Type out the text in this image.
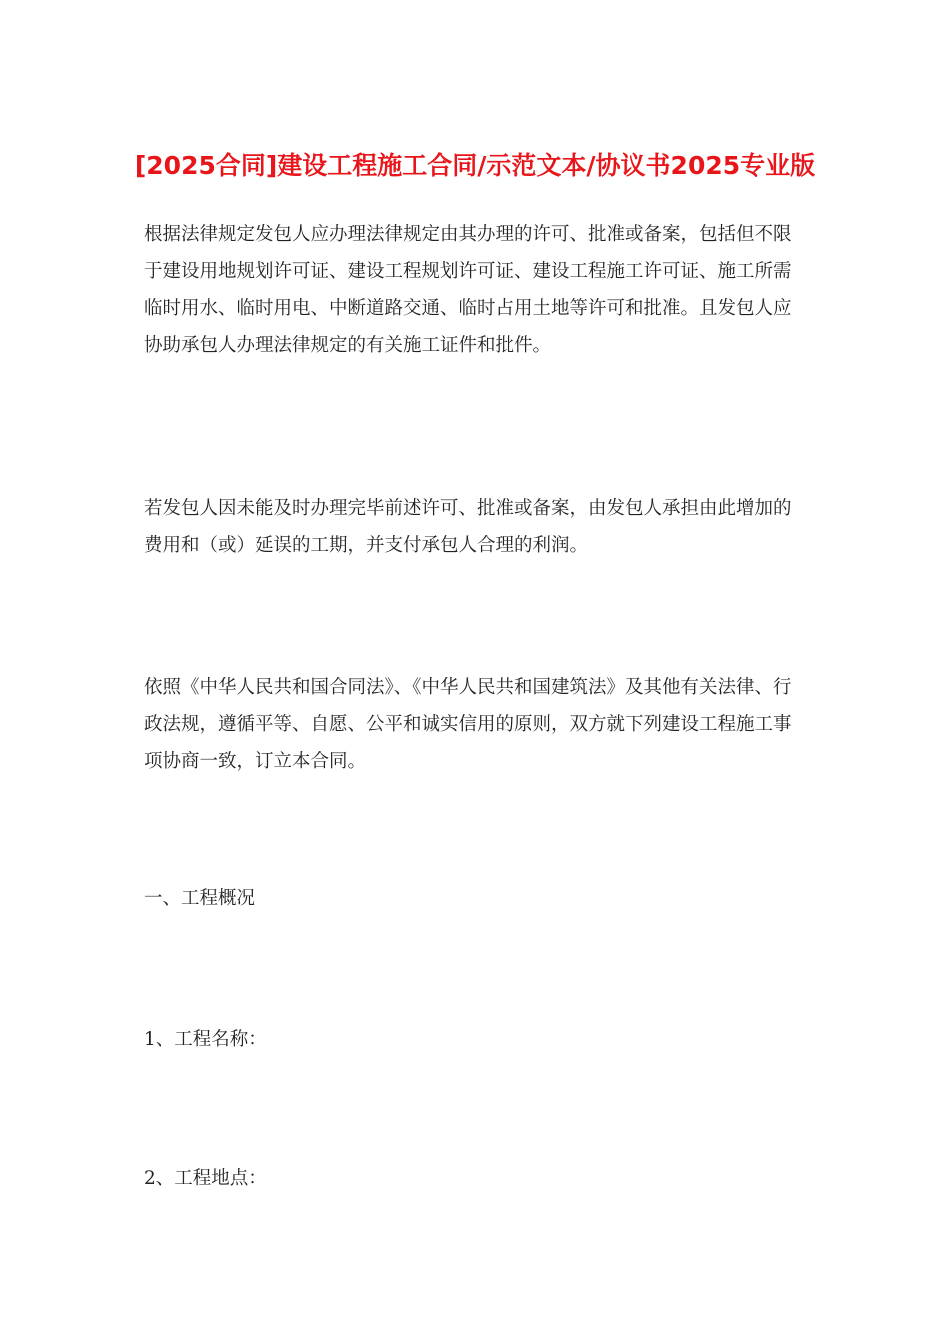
[2025合同]建设工程施工合同/示范文本/协议书2025专业版

根据法律规定发包人应办理法律规定由其办理的许可、批准或备案，包括但不限于建设用地规划许可证、建设工程规划许可证、建设工程施工许可证、施工所需临时用水、临时用电、中断道路交通、临时占用土地等许可和批准。且发包人应协助承包人办理法律规定的有关施工证件和批件。

若发包人因未能及时办理完毕前述许可、批准或备案，由发包人承担由此增加的费用和（或）延误的工期，并支付承包人合理的利润。

依照《中华人民共和国合同法》、《中华人民共和国建筑法》及其他有关法律、行政法规，遵循平等、自愿、公平和诚实信用的原则，双方就下列建设工程施工事项协商一致，订立本合同。

一、工程概况

1、工程名称：

2、工程地点：
